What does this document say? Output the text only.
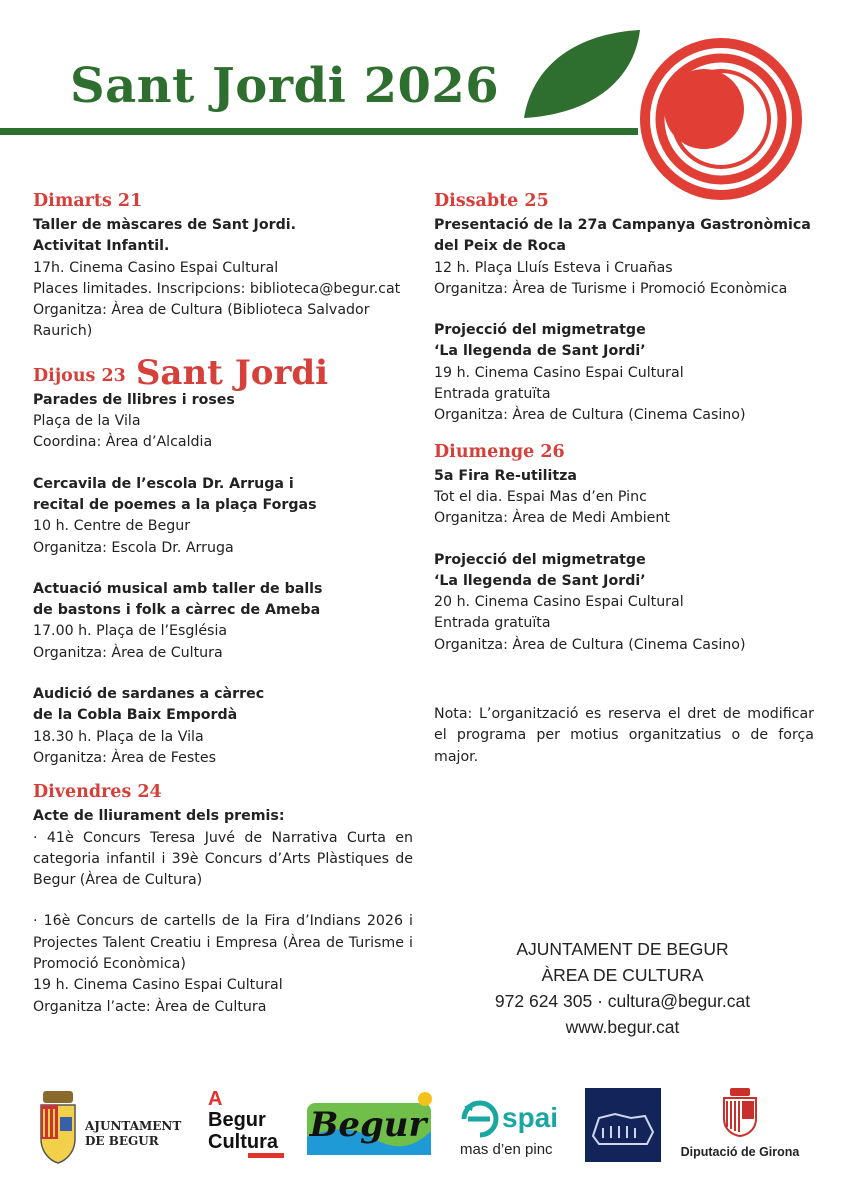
Sant Jordi 2026
Dimarts 21
Taller de màscares de Sant Jordi.
Activitat Infantil.
17h. Cinema Casino Espai Cultural
Places limitades. Inscripcions: biblioteca@begur.cat
Organitza: Àrea de Cultura (Biblioteca Salvador
Raurich)
Dijous 23 Sant Jordi
Parades de llibres i roses
Plaça de la Vila
Coordina: Àrea d’Alcaldia
Cercavila de l’escola Dr. Arruga i
recital de poemes a la plaça Forgas
10 h. Centre de Begur
Organitza: Escola Dr. Arruga
Actuació musical amb taller de balls
de bastons i folk a càrrec de Ameba
17.00 h. Plaça de l’Església
Organitza: Àrea de Cultura
Audició de sardanes a càrrec
de la Cobla Baix Empordà
18.30 h. Plaça de la Vila
Organitza: Àrea de Festes
Divendres 24
Acte de lliurament dels premis:
· 41è Concurs Teresa Juvé de Narrativa Curta en categoria infantil i 39è Concurs d’Arts Plàstiques de Begur (Àrea de Cultura)
· 16è Concurs de cartells de la Fira d’Indians 2026 i Projectes Talent Creatiu i Empresa (Àrea de Turisme i Promoció Econòmica)
19 h. Cinema Casino Espai Cultural
Organitza l’acte: Àrea de Cultura
Dissabte 25
Presentació de la 27a Campanya Gastronòmica
del Peix de Roca
12 h. Plaça Lluís Esteva i Cruañas
Organitza: Àrea de Turisme i Promoció Econòmica
Projecció del migmetratge
‘La llegenda de Sant Jordi’
19 h. Cinema Casino Espai Cultural
Entrada gratuïta
Organitza: Àrea de Cultura (Cinema Casino)
Diumenge 26
5a Fira Re-utilitza
Tot el dia. Espai Mas d’en Pinc
Organitza: Àrea de Medi Ambient
Projecció del migmetratge
‘La llegenda de Sant Jordi’
20 h. Cinema Casino Espai Cultural
Entrada gratuïta
Organitza: Àrea de Cultura (Cinema Casino)
Nota: L’organització es reserva el dret de modificar el programa per motius organitzatius o de força major.
AJUNTAMENT DE BEGUR
ÀREA DE CULTURA
972 624 305 · cultura@begur.cat
www.begur.cat
AJUNTAMENT
DE BEGUR
A
Begur
Cultura Begur	spai
mas d’en pinc	Diputació de Girona
